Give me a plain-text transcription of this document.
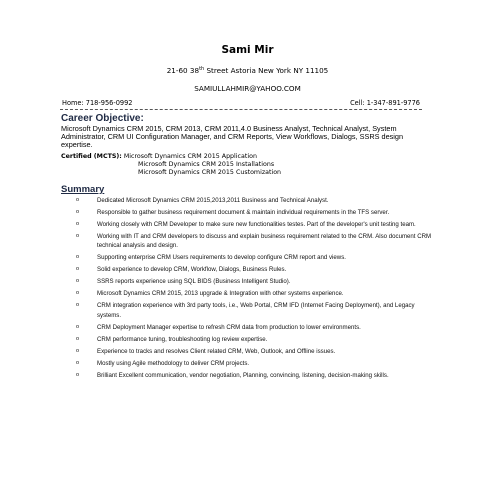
Sami Mir
21-60 38th Street Astoria New York NY 11105
SAMIULLAHMIR@YAHOO.COM
Home: 718-956-0992	Cell: 1-347-891-9776
Career Objective:
Microsoft Dynamics CRM 2015, CRM 2013, CRM 2011,4.0 Business Analyst, Technical Analyst, System Administrator, CRM UI Configuration Manager, and CRM Reports, View Workflows, Dialogs, SSRS design expertise.
Certified (MCTS): Microsoft Dynamics CRM 2015 Application
Microsoft Dynamics CRM 2015 Installations
Microsoft Dynamics CRM 2015 Customization
Summary
o	Dedicated Microsoft Dynamics CRM 2015,2013,2011 Business and Technical Analyst.
o	Responsible to gather business requirement document & maintain individual requirements in the TFS server.
o	Working closely with CRM Developer to make sure new functionalities testes. Part of the developer's unit testing team.
o	Working with IT and CRM developers to discuss and explain business requirement related to the CRM. Also document CRM technical analysis and design.
o	Supporting enterprise CRM Users requirements to develop configure CRM report and views.
o	Solid experience to develop CRM, Workflow, Dialogs, Business Rules.
o	SSRS reports experience using SQL BIDS (Business Intelligent Studio).
o	Microsoft Dynamics CRM 2015, 2013 upgrade & Integration with other systems experience.
o	CRM integration experience with 3rd party tools, i.e., Web Portal, CRM IFD (Internet Facing Deployment), and Legacy systems.
o	CRM Deployment Manager expertise to refresh CRM data from production to lower environments.
o	CRM performance tuning, troubleshooting log review expertise.
o	Experience to tracks and resolves Client related CRM, Web, Outlook, and Offline issues.
o	Mostly using Agile methodology to deliver CRM projects.
o	Brilliant Excellent communication, vendor negotiation, Planning, convincing, listening, decision-making skills.
